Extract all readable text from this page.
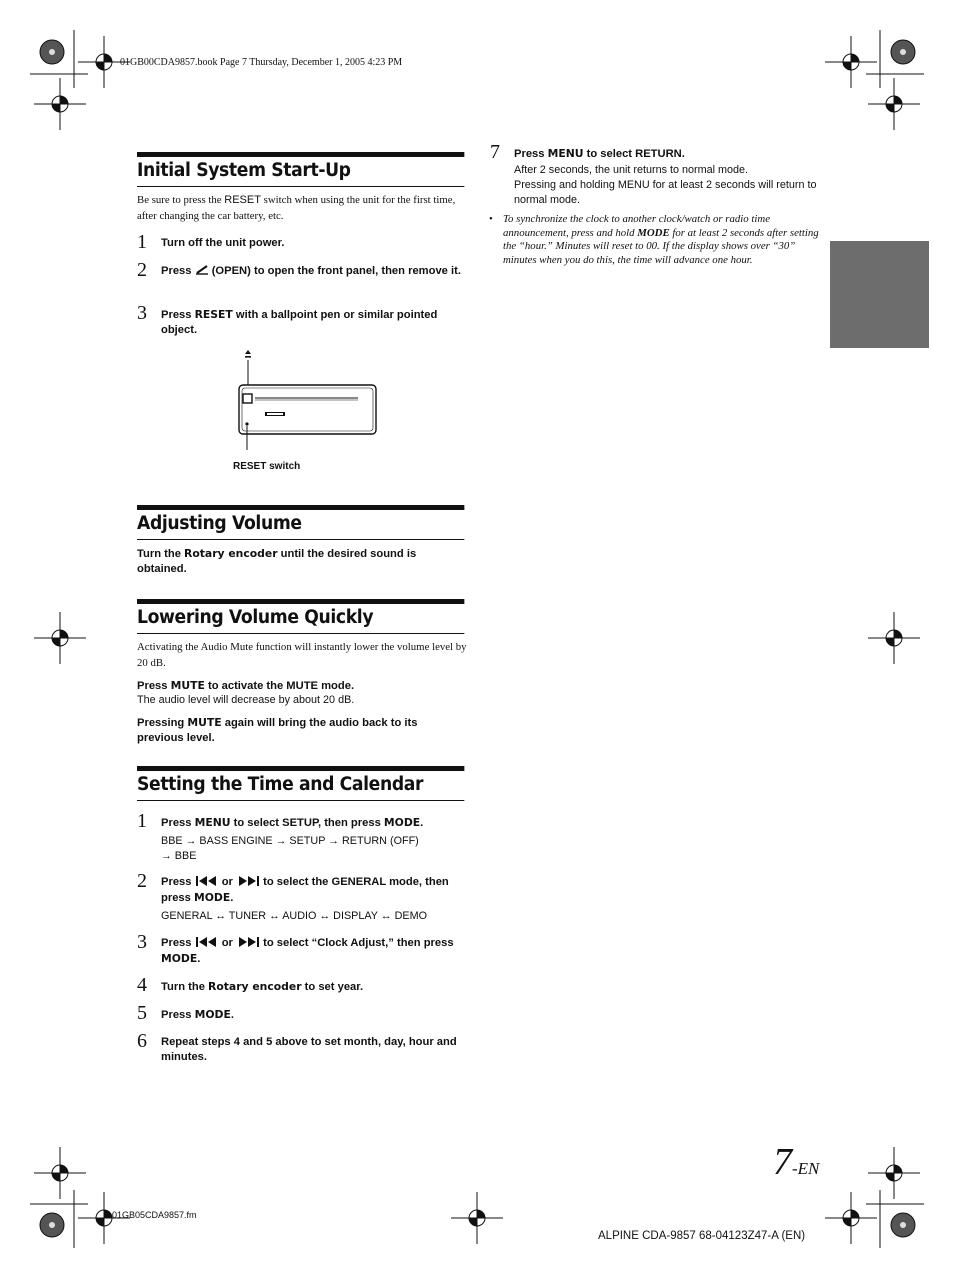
01GB00CDA9857.book Page 7 Thursday, December 1, 2005 4:23 PM
Initial System Start-Up
Be sure to press the RESET switch when using the unit for the first time, after changing the car battery, etc.
1 Turn off the unit power.
2 Press  (OPEN) to open the front panel, then remove it.
3 Press RESET with a ballpoint pen or similar pointed object.
RESET switch
Adjusting Volume
Turn the Rotary encoder until the desired sound is obtained.
Lowering Volume Quickly
Activating the Audio Mute function will instantly lower the volume level by 20 dB.
Press MUTE to activate the MUTE mode.
The audio level will decrease by about 20 dB.
Pressing MUTE again will bring the audio back to its previous level.
Setting the Time and Calendar
1 Press MENU to select SETUP, then press MODE.
BBE → BASS ENGINE → SETUP → RETURN (OFF)
→ BBE
2 Press  or  to select the GENERAL mode, then press MODE.
GENERAL ↔ TUNER ↔ AUDIO ↔ DISPLAY ↔ DEMO
3 Press  or  to select “Clock Adjust,” then press MODE.
4 Turn the Rotary encoder to set year.
5 Press MODE.
6 Repeat steps 4 and 5 above to set month, day, hour and minutes.
7 Press MENU to select RETURN.
After 2 seconds, the unit returns to normal mode.
Pressing and holding MENU for at least 2 seconds will return to normal mode.
• To synchronize the clock to another clock/watch or radio time announcement, press and hold MODE for at least 2 seconds after setting the “hour.” Minutes will reset to 00. If the display shows over “30” minutes when you do this, the time will advance one hour.
7-EN
01GB05CDA9857.fm
ALPINE CDA-9857 68-04123Z47-A (EN)
